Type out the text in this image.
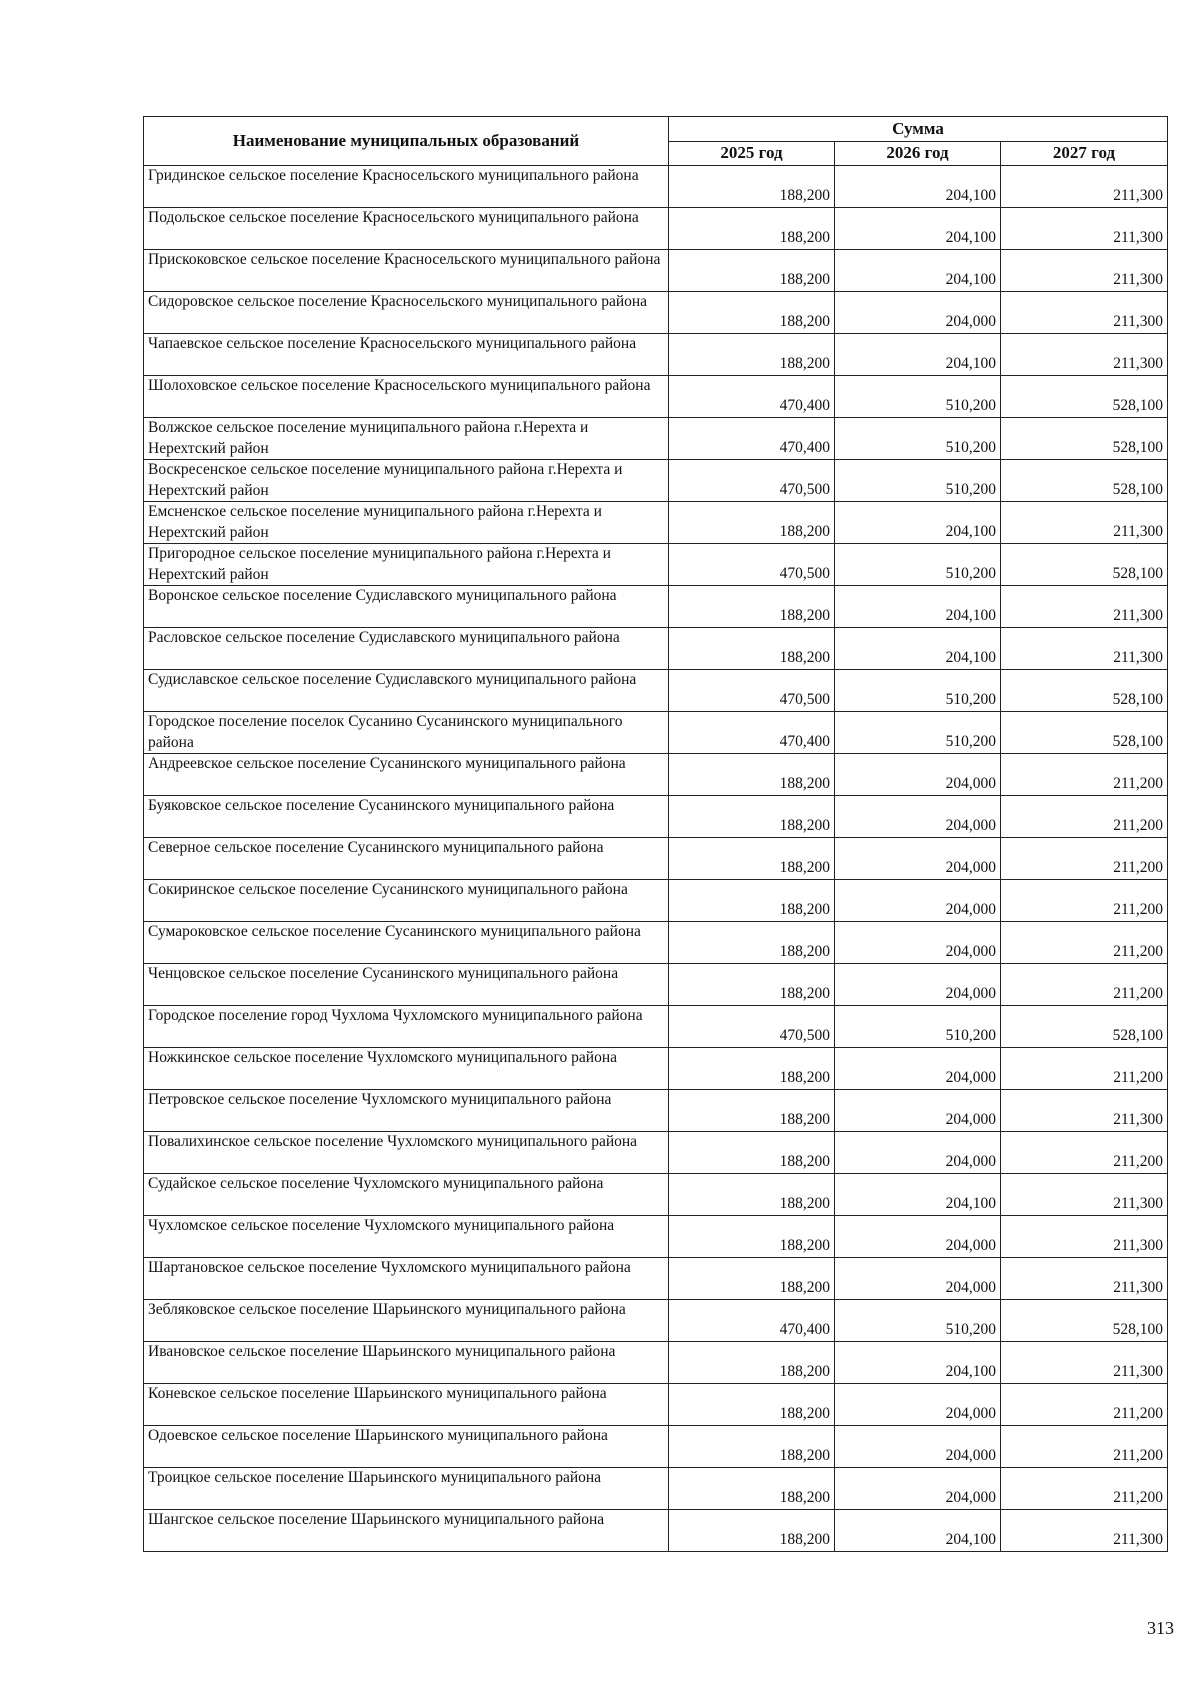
Наименование муниципальных образований	Сумма		
	2025 год	2026 год	2027 год
Гридинское сельское поселение Красносельского муниципального района	188,200	204,100	211,300
Подольское сельское поселение Красносельского муниципального района	188,200	204,100	211,300
Прискоковское сельское поселение Красносельского муниципального района	188,200	204,100	211,300
Сидоровское сельское поселение Красносельского муниципального района	188,200	204,000	211,300
Чапаевское сельское поселение Красносельского муниципального района	188,200	204,100	211,300
Шолоховское сельское поселение Красносельского муниципального района	470,400	510,200	528,100
Волжское сельское поселение муниципального района г.Нерехта и Нерехтский район	470,400	510,200	528,100
Воскресенское сельское поселение муниципального района г.Нерехта и Нерехтский район	470,500	510,200	528,100
Емсненское сельское поселение муниципального района г.Нерехта и Нерехтский район	188,200	204,100	211,300
Пригородное сельское поселение муниципального района г.Нерехта и Нерехтский район	470,500	510,200	528,100
Воронское сельское поселение Судиславского муниципального района	188,200	204,100	211,300
Расловское сельское поселение Судиславского муниципального района	188,200	204,100	211,300
Судиславское сельское поселение Судиславского муниципального района	470,500	510,200	528,100
Городское поселение поселок Сусанино Сусанинского муниципального района	470,400	510,200	528,100
Андреевское сельское поселение Сусанинского муниципального района	188,200	204,000	211,200
Буяковское сельское поселение Сусанинского муниципального района	188,200	204,000	211,200
Северное сельское поселение Сусанинского муниципального района	188,200	204,000	211,200
Сокиринское сельское поселение Сусанинского муниципального района	188,200	204,000	211,200
Сумароковское сельское поселение Сусанинского муниципального района	188,200	204,000	211,200
Ченцовское сельское поселение Сусанинского муниципального района	188,200	204,000	211,200
Городское поселение город Чухлома Чухломского муниципального района	470,500	510,200	528,100
Ножкинское сельское поселение Чухломского муниципального района	188,200	204,000	211,200
Петровское сельское поселение Чухломского муниципального района	188,200	204,000	211,300
Повалихинское сельское поселение Чухломского муниципального района	188,200	204,000	211,200
Судайское сельское поселение Чухломского муниципального района	188,200	204,100	211,300
Чухломское сельское поселение Чухломского муниципального района	188,200	204,000	211,300
Шартановское сельское поселение Чухломского муниципального района	188,200	204,000	211,300
Зебляковское сельское поселение Шарьинского муниципального района	470,400	510,200	528,100
Ивановское сельское поселение Шарьинского муниципального района	188,200	204,100	211,300
Коневское сельское поселение Шарьинского муниципального района	188,200	204,000	211,200
Одоевское сельское поселение Шарьинского муниципального района	188,200	204,000	211,200
Троицкое сельское поселение Шарьинского муниципального района	188,200	204,000	211,200
Шангское сельское поселение Шарьинского муниципального района	188,200	204,100	211,300
313
